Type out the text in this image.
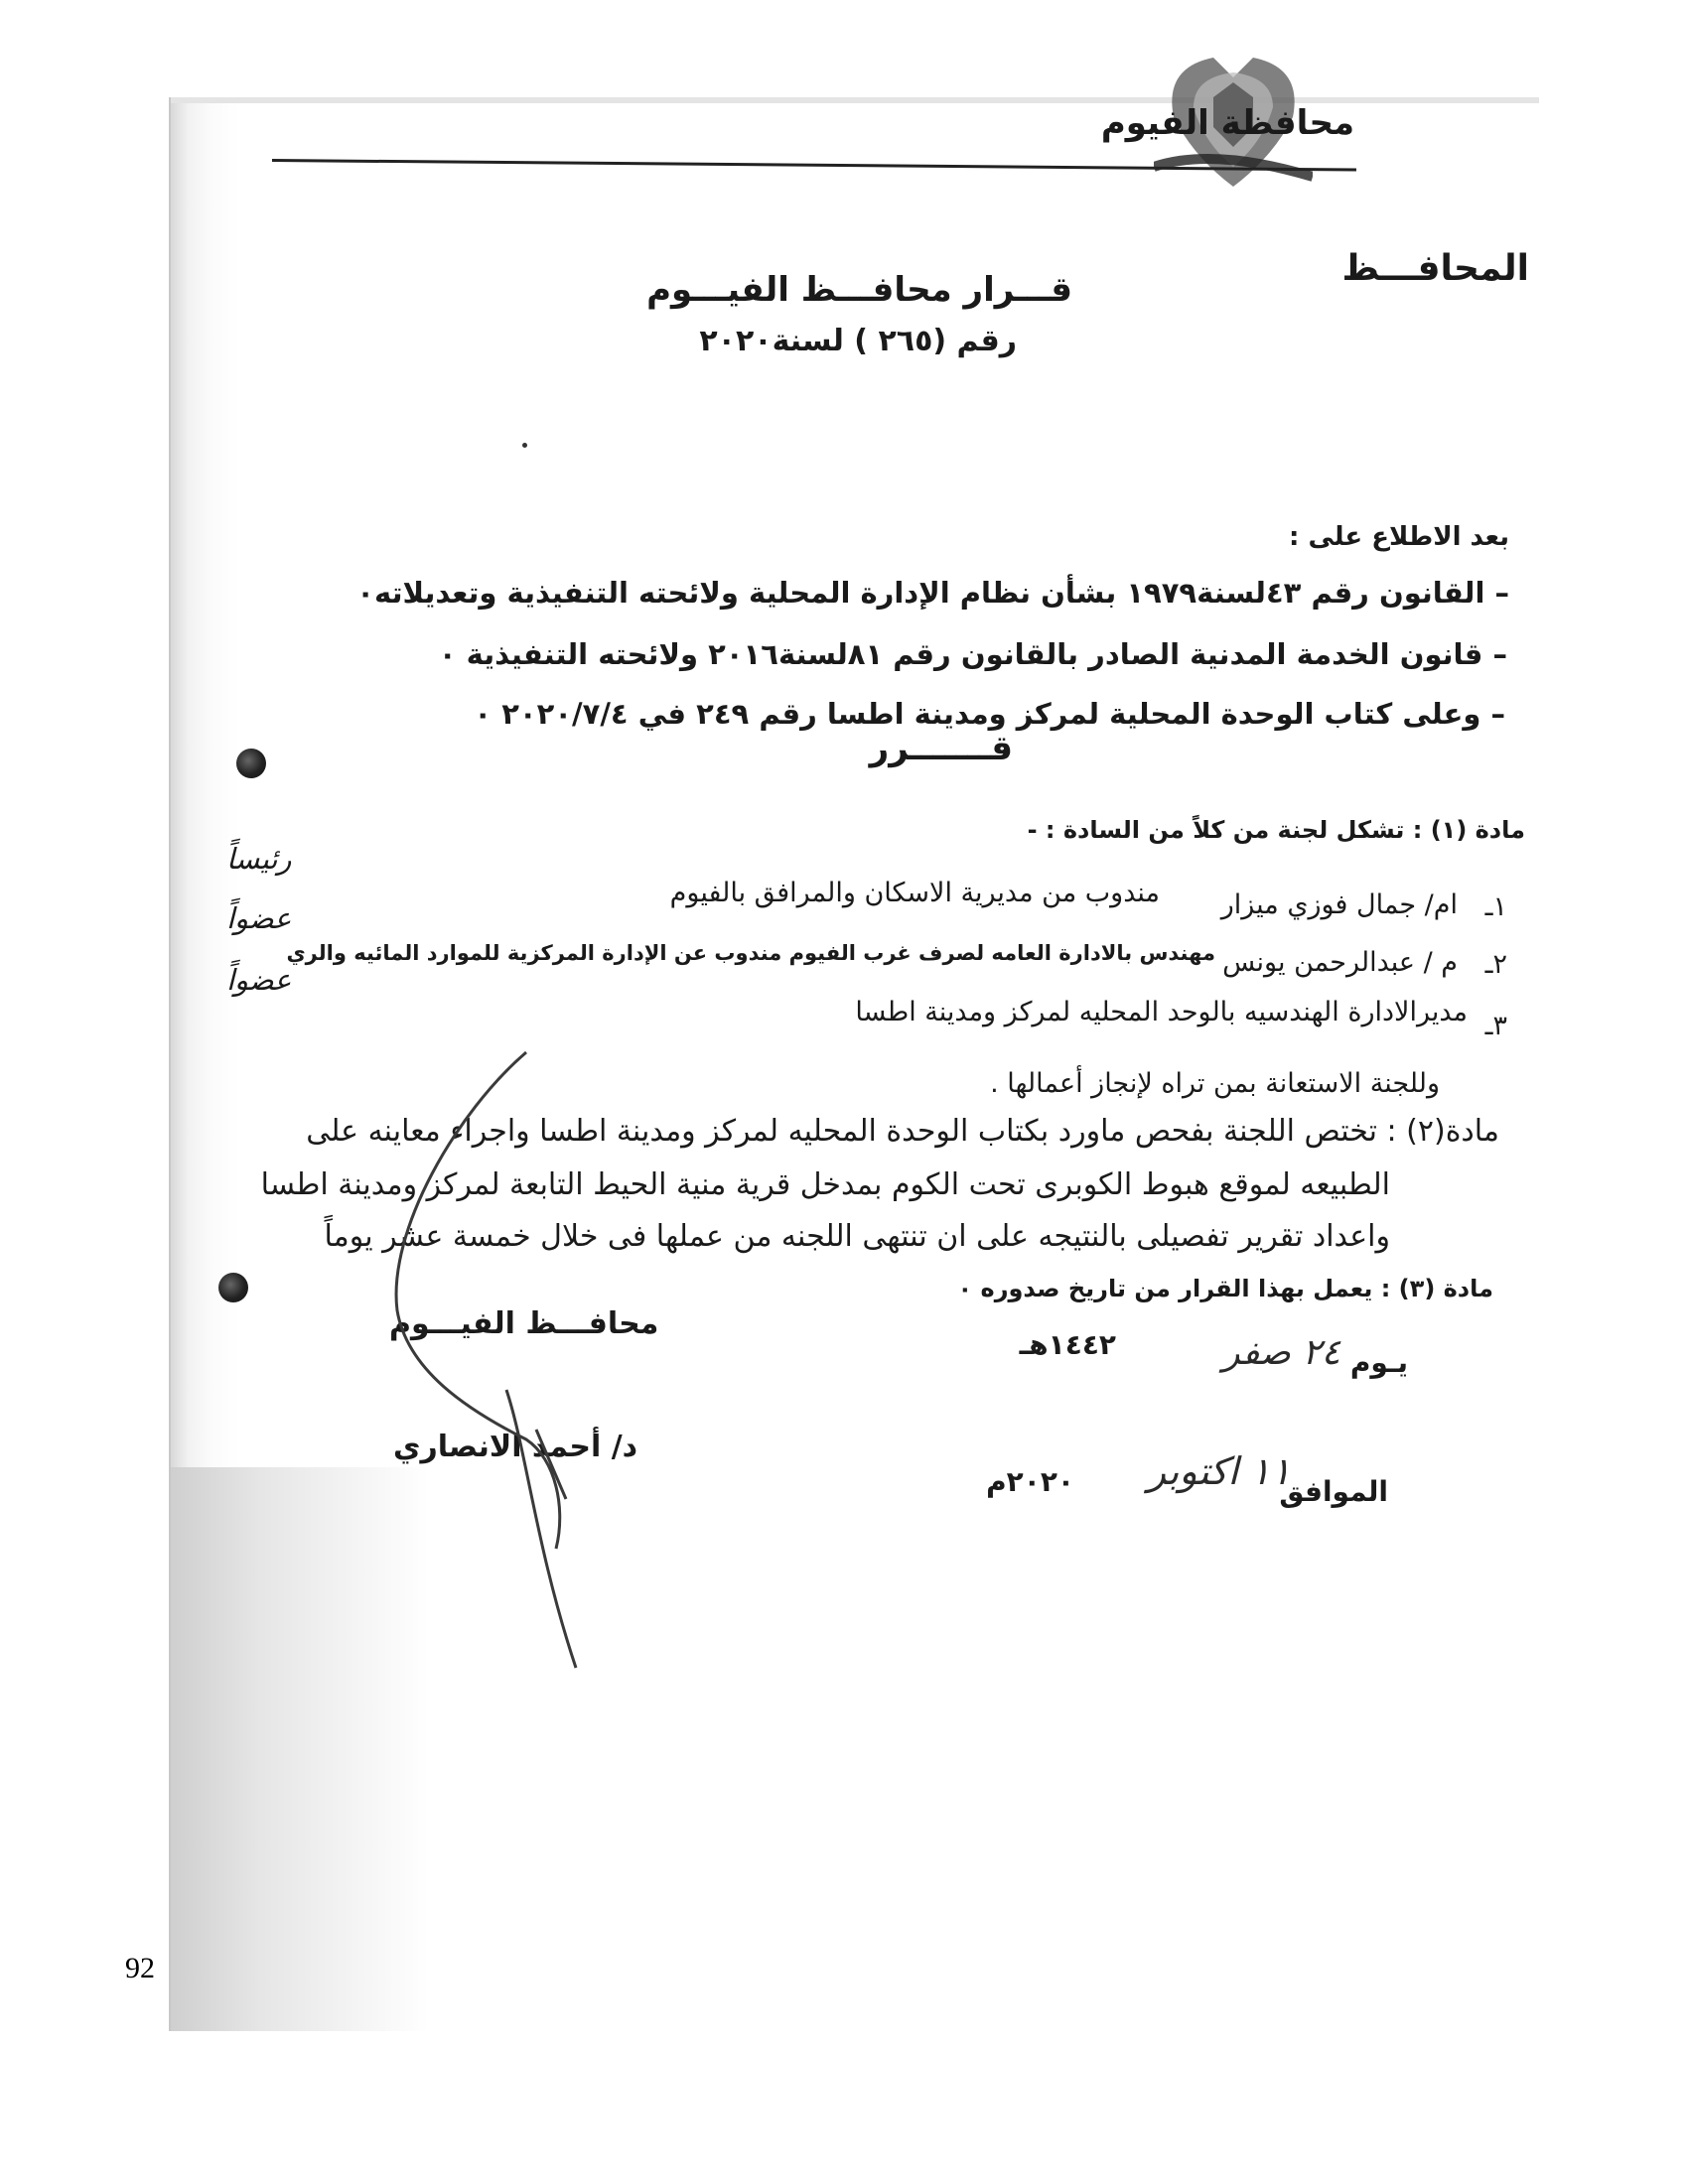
92
محافظة الفيوم
المحافـــظ
قـــرار محافـــظ الفيـــوم
رقم (٢٦٥ ) لسنة٢٠٢٠
بعد الاطلاع على :
– القانون رقم ٤٣لسنة١٩٧٩ بشأن نظام الإدارة المحلية ولائحته التنفيذية وتعديلاته٠
– قانون الخدمة المدنية الصادر بالقانون رقم ٨١لسنة٢٠١٦ ولائحته التنفيذية ٠
– وعلى كتاب الوحدة المحلية لمركز ومدينة اطسا رقم ٢٤٩ في ٢٠٢٠/٧/٤ ٠
قـــــــرر
مادة (١) : تشكل لجنة من كلاً من السادة : -
١ـ
ام/ جمال فوزي ميزار
مندوب من مديرية الاسكان والمرافق بالفيوم
رئيساً
٢ـ
م / عبدالرحمن يونس
مهندس بالادارة العامه لصرف غرب الفيوم مندوب عن الإدارة المركزية للموارد المائيه والري
عضواً
٣ـ
مديرالادارة الهندسيه بالوحد المحليه لمركز ومدينة اطسا
عضواً
وللجنة الاستعانة بمن تراه لإنجاز أعمالها .
مادة(٢) : تختص اللجنة بفحص ماورد بكتاب الوحدة المحليه لمركز ومدينة اطسا واجراء معاينه على
الطبيعه لموقع هبوط الكوبرى تحت الكوم بمدخل قرية منية الحيط التابعة لمركز ومدينة اطسا
واعداد تقرير تفصيلى بالنتيجه على ان تنتهى اللجنه من عملها فى خلال خمسة عشر يوماً
مادة (٣) : يعمل بهذا القرار من تاريخ صدوره ٠
محافـــظ الفيـــوم
د/ أحمد الانصاري
يـوم
٢٤ صفر
١٤٤٢هـ
الموافق
١١ اكتوبر
٢٠٢٠م
